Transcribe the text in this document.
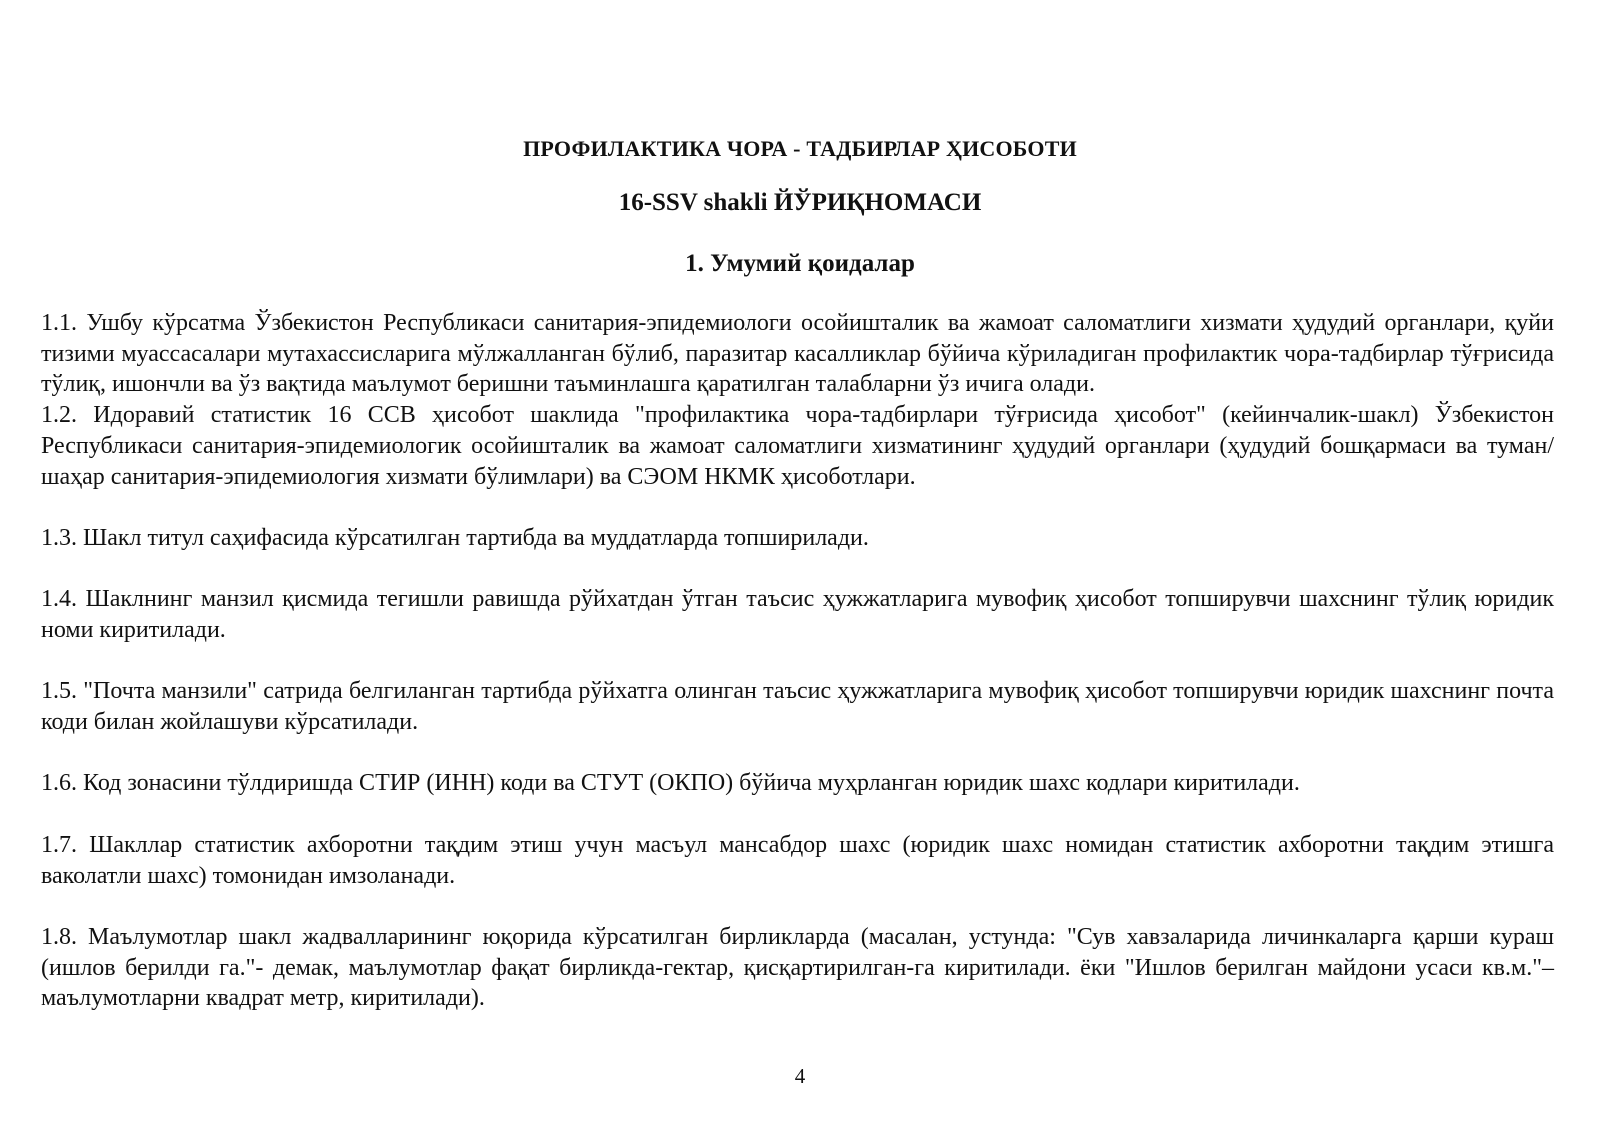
ПРОФИЛАКТИКА ЧОРА - ТАДБИРЛАР ҲИСОБОТИ
16-SSV shakli ЙЎРИҚНОМАСИ
1. Умумий қоидалар

1.1. Ушбу кўрсатма Ўзбекистон Республикаси санитария-эпидемиологи осойишталик ва жамоат саломатлиги хизмати ҳудудий органлари, қуйи тизими муассасалари мутахассисларига мўлжалланган бўлиб, паразитар касалликлар бўйича кўриладиган профилактик чора-тадбирлар тўғрисида тўлиқ, ишончли ва ўз вақтида маълумот беришни таъминлашга қаратилган талабларни ўз ичига олади.

1.2. Идоравий статистик 16 ССВ ҳисобот шаклида "профилактика чора-тадбирлари тўғрисида ҳисобот" (кейинчалик-шакл) Ўзбекистон Республикаси санитария-эпидемиологик осойишталик ва жамоат саломатлиги хизматининг ҳудудий органлари (ҳудудий бошқармаси ва туман/шаҳар санитария-эпидемиология хизмати бўлимлари) ва СЭОМ НКМК ҳисоботлари.

1.3. Шакл титул саҳифасида кўрсатилган тартибда ва муддатларда топширилади.

1.4. Шаклнинг манзил қисмида тегишли равишда рўйхатдан ўтган таъсис ҳужжатларига мувофиқ ҳисобот топширувчи шахснинг тўлиқ юридик номи киритилади.

1.5. "Почта манзили" сатрида белгиланган тартибда рўйхатга олинган таъсис ҳужжатларига мувофиқ ҳисобот топширувчи юридик шахснинг почта коди билан жойлашуви кўрсатилади.

1.6. Код зонасини тўлдиришда СТИР (ИНН) коди ва СТУТ (ОКПО) бўйича муҳрланган юридик шахс кодлари киритилади.

1.7. Шакллар статистик ахборотни тақдим этиш учун масъул мансабдор шахс (юридик шахс номидан статистик ахборотни тақдим этишга ваколатли шахс) томонидан имзоланади.

1.8. Маълумотлар шакл жадвалларининг юқорида кўрсатилган бирликларда (масалан, устунда: "Сув хавзаларида личинкаларга қарши кураш (ишлов берилди га."- демак, маълумотлар фақат бирликда-гектар, қисқартирилган-га киритилади. ёки "Ишлов берилган майдони усаси кв.м."– маълумотларни квадрат метр, киритилади).

4
